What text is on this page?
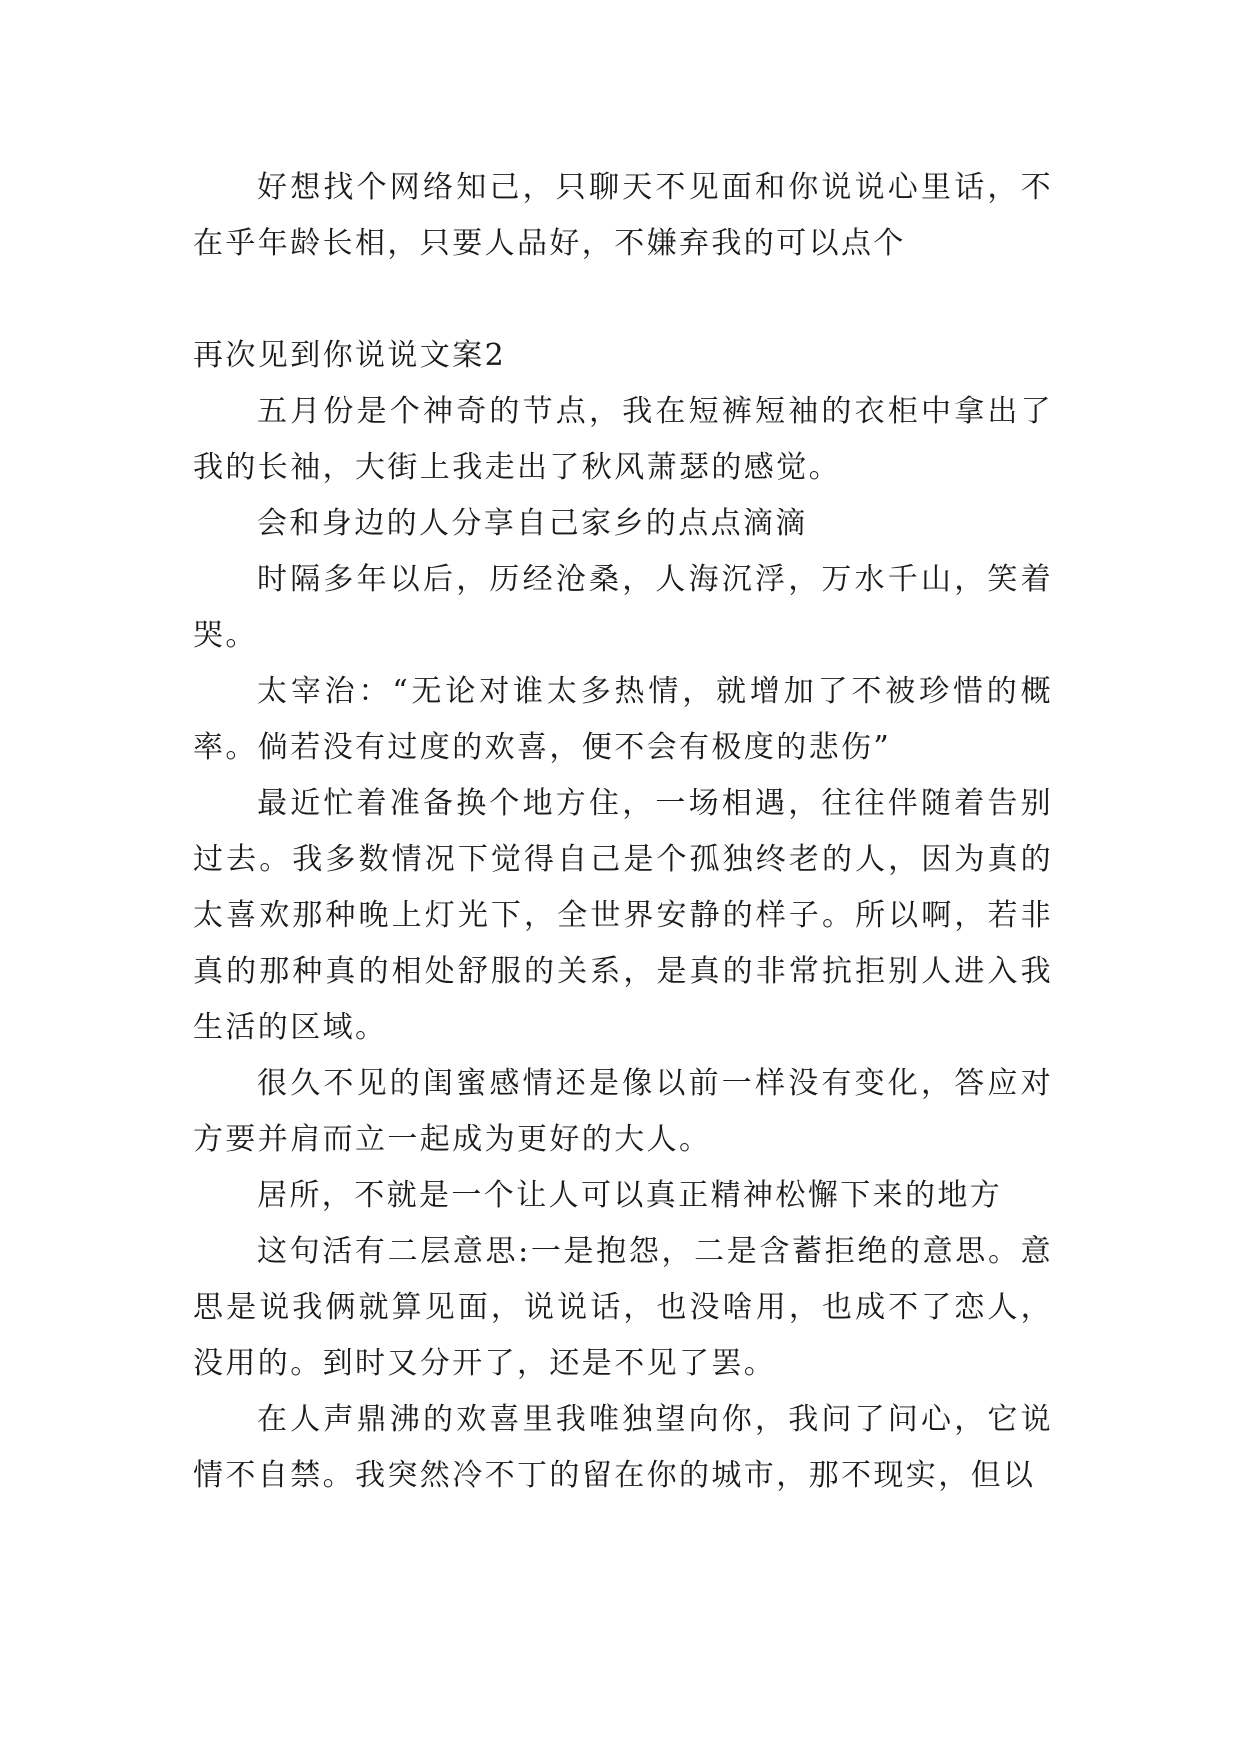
好想找个网络知己，只聊天不见面和你说说心里话，不在乎年龄长相，只要人品好，不嫌弃我的可以点个

再次见到你说说文案2

五月份是个神奇的节点，我在短裤短袖的衣柜中拿出了我的长袖，大街上我走出了秋风萧瑟的感觉。

会和身边的人分享自己家乡的点点滴滴

时隔多年以后，历经沧桑，人海沉浮，万水千山，笑着哭。

太宰治：“无论对谁太多热情，就增加了不被珍惜的概率。倘若没有过度的欢喜，便不会有极度的悲伤”

最近忙着准备换个地方住，一场相遇，往往伴随着告别过去。我多数情况下觉得自己是个孤独终老的人，因为真的太喜欢那种晚上灯光下，全世界安静的样子。所以啊，若非真的那种真的相处舒服的关系，是真的非常抗拒别人进入我生活的区域。

很久不见的闺蜜感情还是像以前一样没有变化，答应对方要并肩而立一起成为更好的大人。

居所，不就是一个让人可以真正精神松懈下来的地方

这句活有二层意思:一是抱怨，二是含蓄拒绝的意思。意思是说我俩就算见面，说说话，也没啥用，也成不了恋人，没用的。到时又分开了，还是不见了罢。

在人声鼎沸的欢喜里我唯独望向你，我问了问心，它说情不自禁。我突然冷不丁的留在你的城市，那不现实，但以
